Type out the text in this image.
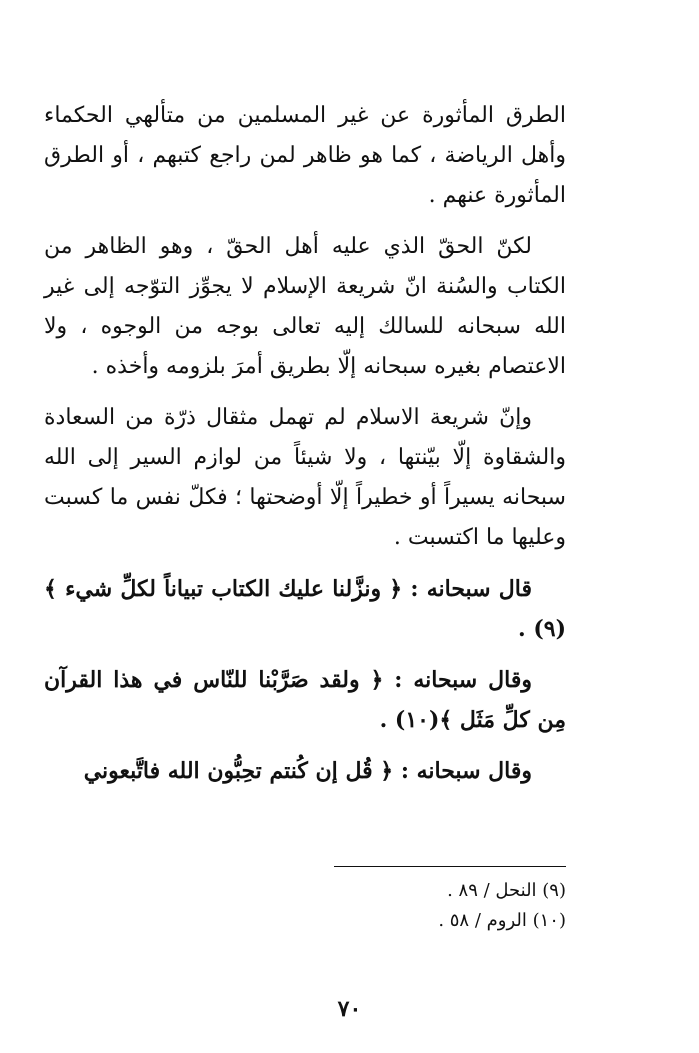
الطرق المأثورة عن غير المسلمين من متألهي الحكماء وأهل الرياضة ، كما هو ظاهر لمن راجع كتبهم ، أو الطرق المأثورة عنهم .

لكنّ الحقّ الذي عليه أهل الحقّ ، وهو الظاهر من الكتاب والسُنة انّ شريعة الإسلام لا يجوِّز التوّجه إلى غير الله سبحانه للسالك إليه تعالى بوجه من الوجوه ، ولا الاعتصام بغيره سبحانه إلّا بطريق أمرَ بلزومه وأخذه .

وإنّ شريعة الاسلام لم تهمل مثقال ذرّة من السعادة والشقاوة إلّا بيّنتها ، ولا شيئاً من لوازم السير إلى الله سبحانه يسيراً أو خطيراً إلّا أوضحتها ؛ فكلّ نفس ما كسبت وعليها ما اكتسبت .

قال سبحانه : ﴿ ونزَّلنا عليك الكتاب تبياناً لكلِّ شيء ﴾(٩) .

وقال سبحانه : ﴿ ولقد صَرَّبْنا للنّاس في هذا القرآن مِن كلِّ مَثَل ﴾(١٠) .

وقال سبحانه : ﴿ قُل إن كُنتم تحِبُّون الله فاتَّبعوني

(٩) النحل / ٨٩ .

(١٠) الروم / ٥٨ .

٧٠
